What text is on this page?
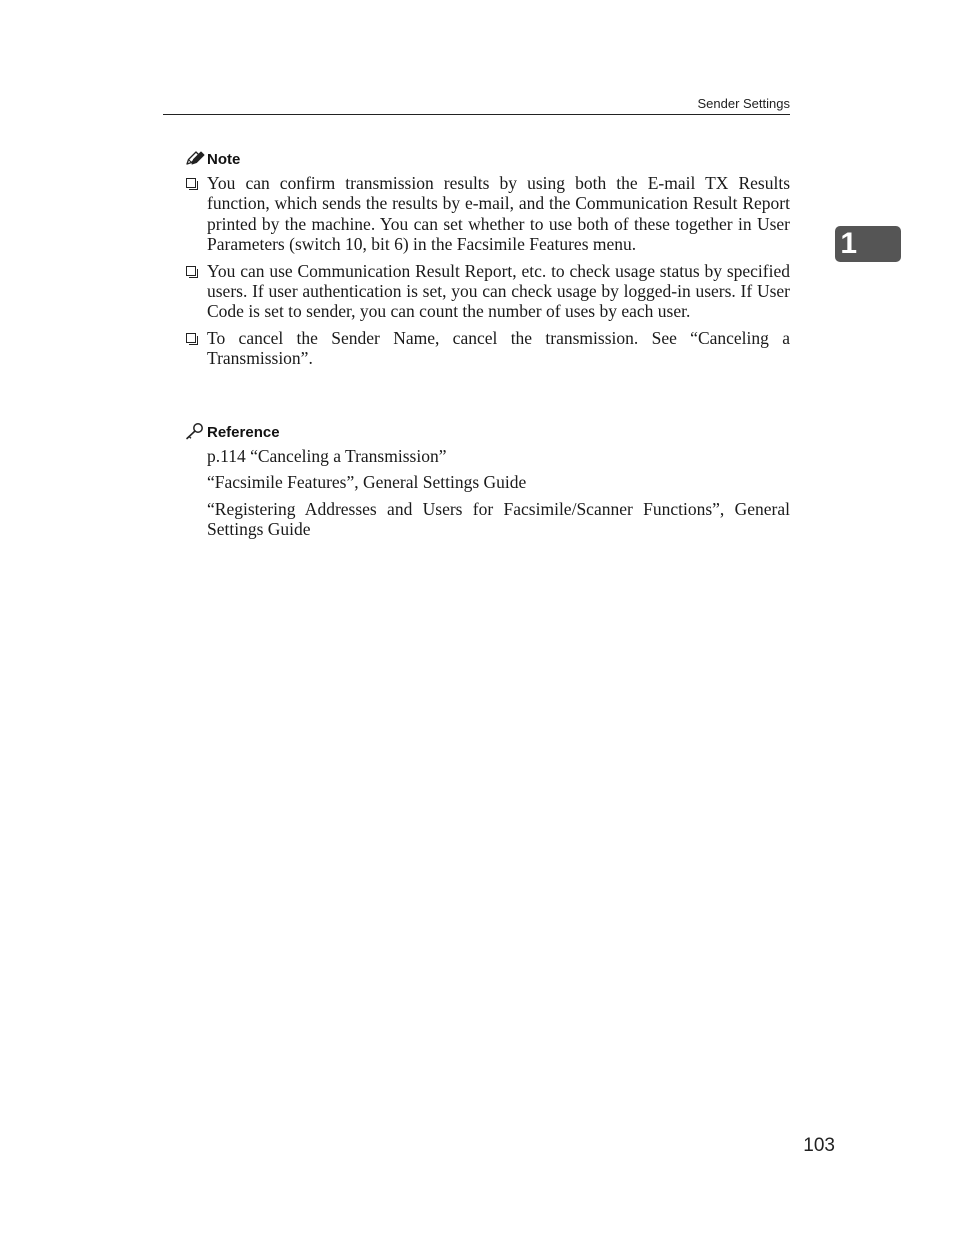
Sender Settings
1
Note
You can confirm transmission results by using both the E-mail TX Results function, which sends the results by e-mail, and the Communication Result Report printed by the machine. You can set whether to use both of these together in User Parameters (switch 10, bit 6) in the Facsimile Features menu.
You can use Communication Result Report, etc. to check usage status by specified users. If user authentication is set, you can check usage by logged-in users. If User Code is set to sender, you can count the number of uses by each user.
To cancel the Sender Name, cancel the transmission. See “Canceling a Transmission”.
Reference
p.114 “Canceling a Transmission”
“Facsimile Features”, General Settings Guide
“Registering Addresses and Users for Facsimile/Scanner Functions”, General Settings Guide
103
